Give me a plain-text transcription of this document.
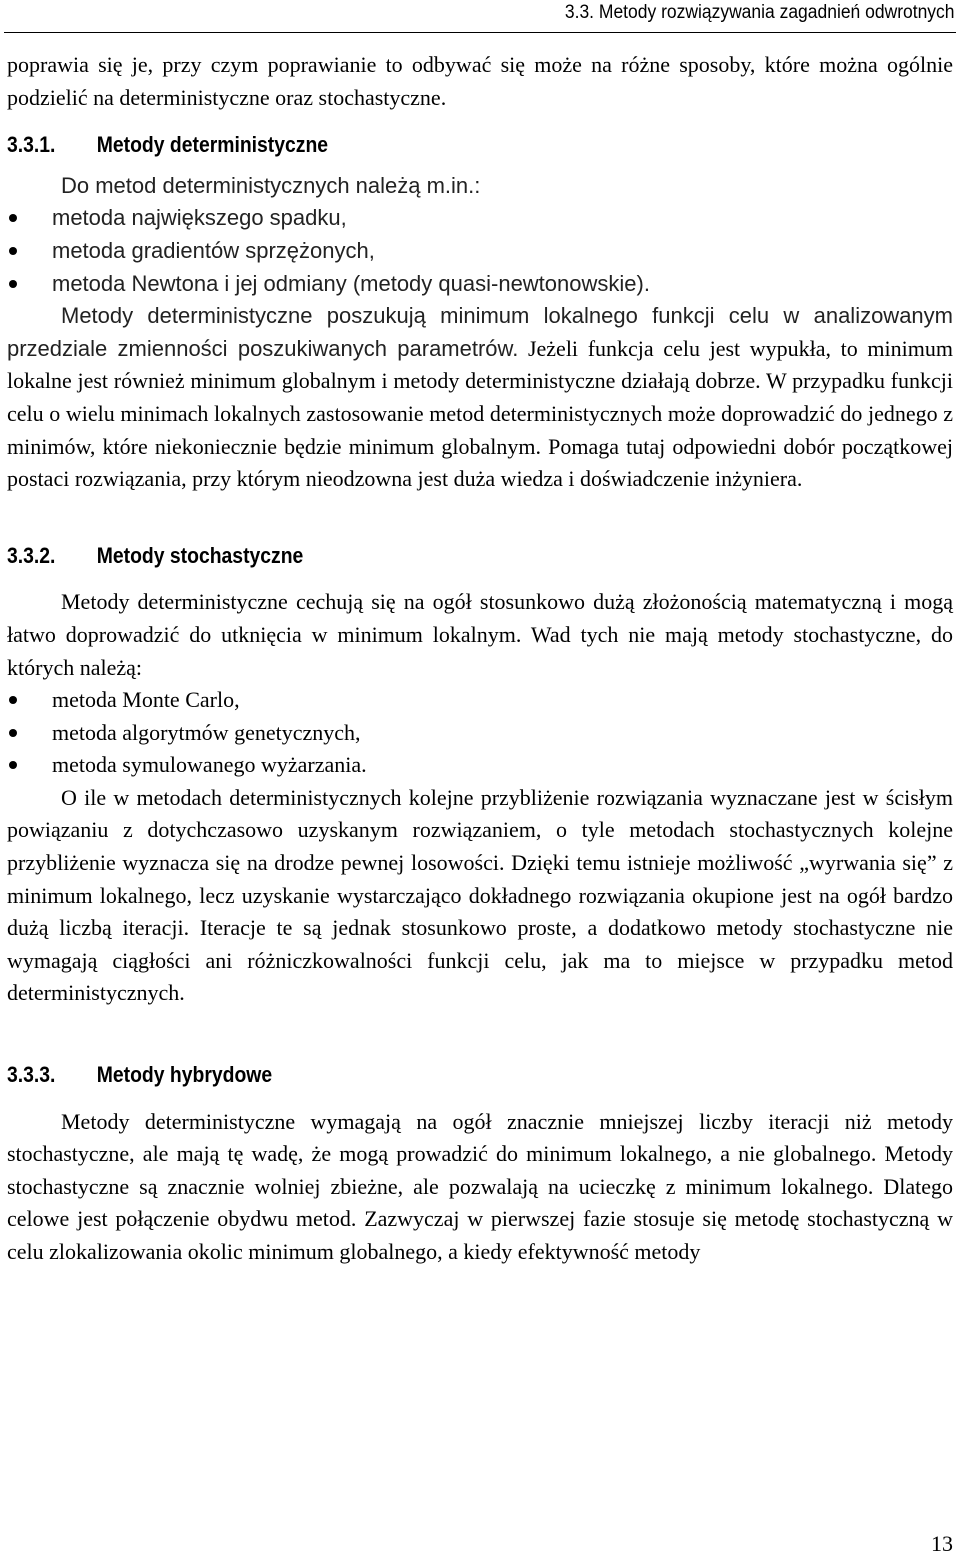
3.3. Metody rozwiązywania zagadnień odwrotnych

poprawia się je, przy czym poprawianie to odbywać się może na różne sposoby, które można ogólnie podzielić na deterministyczne oraz stochastyczne.

3.3.1. Metody deterministyczne

Do metod deterministycznych należą m.in.:

metoda największego spadku,
metoda gradientów sprzężonych,
metoda Newtona i jej odmiany (metody quasi-newtonowskie).

Metody deterministyczne poszukują minimum lokalnego funkcji celu w analizowanym przedziale zmienności poszukiwanych parametrów. Jeżeli funkcja celu jest wypukła, to minimum lokalne jest również minimum globalnym i metody deterministyczne działają dobrze. W przypadku funkcji celu o wielu minimach lokalnych zastosowanie metod deterministycznych może doprowadzić do jednego z minimów, które niekoniecznie będzie minimum globalnym. Pomaga tutaj odpowiedni dobór początkowej postaci rozwiązania, przy którym nieodzowna jest duża wiedza i doświadczenie inżyniera.

3.3.2. Metody stochastyczne

Metody deterministyczne cechują się na ogół stosunkowo dużą złożonością matematyczną i mogą łatwo doprowadzić do utknięcia w minimum lokalnym. Wad tych nie mają metody stochastyczne, do których należą:

metoda Monte Carlo,
metoda algorytmów genetycznych,
metoda symulowanego wyżarzania.

O ile w metodach deterministycznych kolejne przybliżenie rozwiązania wyznaczane jest w ścisłym powiązaniu z dotychczasowo uzyskanym rozwiązaniem, o tyle metodach stochastycznych kolejne przybliżenie wyznacza się na drodze pewnej losowości. Dzięki temu istnieje możliwość „wyrwania się” z minimum lokalnego, lecz uzyskanie wystarczająco dokładnego rozwiązania okupione jest na ogół bardzo dużą liczbą iteracji. Iteracje te są jednak stosunkowo proste, a dodatkowo metody stochastyczne nie wymagają ciągłości ani różniczkowalności funkcji celu, jak ma to miejsce w przypadku metod deterministycznych.

3.3.3. Metody hybrydowe

Metody deterministyczne wymagają na ogół znacznie mniejszej liczby iteracji niż metody stochastyczne, ale mają tę wadę, że mogą prowadzić do minimum lokalnego, a nie globalnego. Metody stochastyczne są znacznie wolniej zbieżne, ale pozwalają na ucieczkę z minimum lokalnego. Dlatego celowe jest połączenie obydwu metod. Zazwyczaj w pierwszej fazie stosuje się metodę stochastyczną w celu zlokalizowania okolic minimum globalnego, a kiedy efektywność metody

13
